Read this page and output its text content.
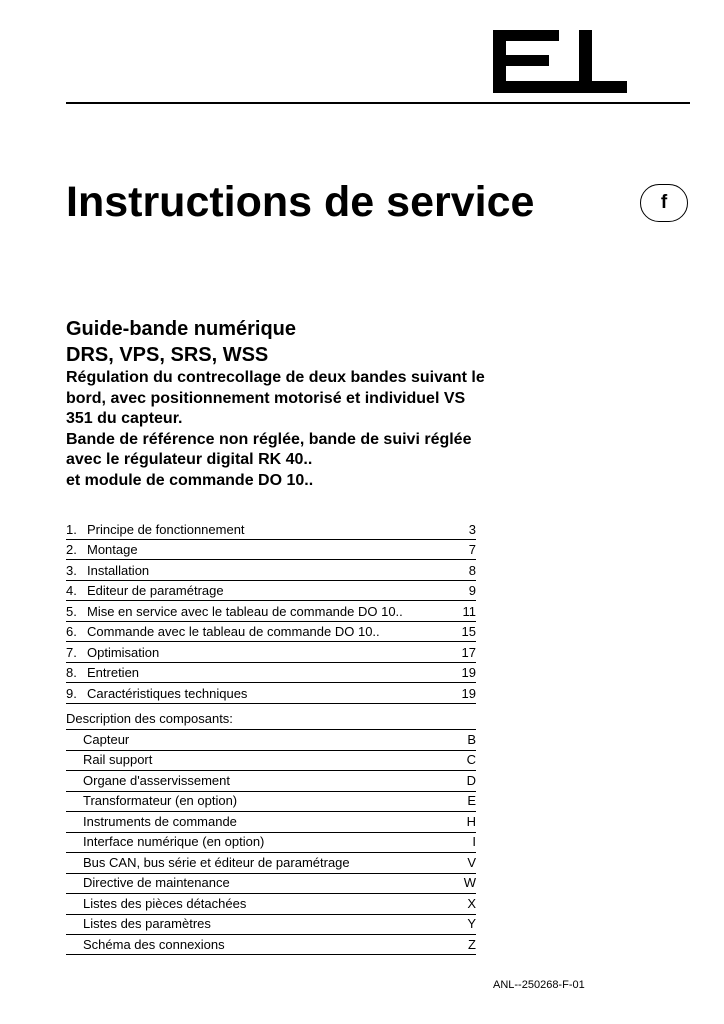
Instructions de service	f
Guide-bande numérique
DRS, VPS, SRS, WSS
Régulation du contrecollage de deux bandes suivant le bord, avec positionnement motorisé et individuel VS 351 du capteur.
Bande de référence non réglée, bande de suivi réglée
avec le régulateur digital RK 40..
et module de commande DO 10..
1. Principe de fonctionnement	3
2. Montage	7
3. Installation	8
4. Editeur de paramétrage	9
5. Mise en service avec le tableau de commande DO 10..	11
6. Commande avec le tableau de commande DO 10..	15
7. Optimisation	17
8. Entretien	19
9. Caractéristiques techniques	19
Description des composants:
Capteur	B
Rail support	C
Organe d'asservissement	D
Transformateur (en option)	E
Instruments de commande	H
Interface numérique (en option)	I
Bus CAN, bus série et éditeur de paramétrage	V
Directive de maintenance	W
Listes des pièces détachées	X
Listes des paramètres	Y
Schéma des connexions	Z
ANL--250268-F-01
